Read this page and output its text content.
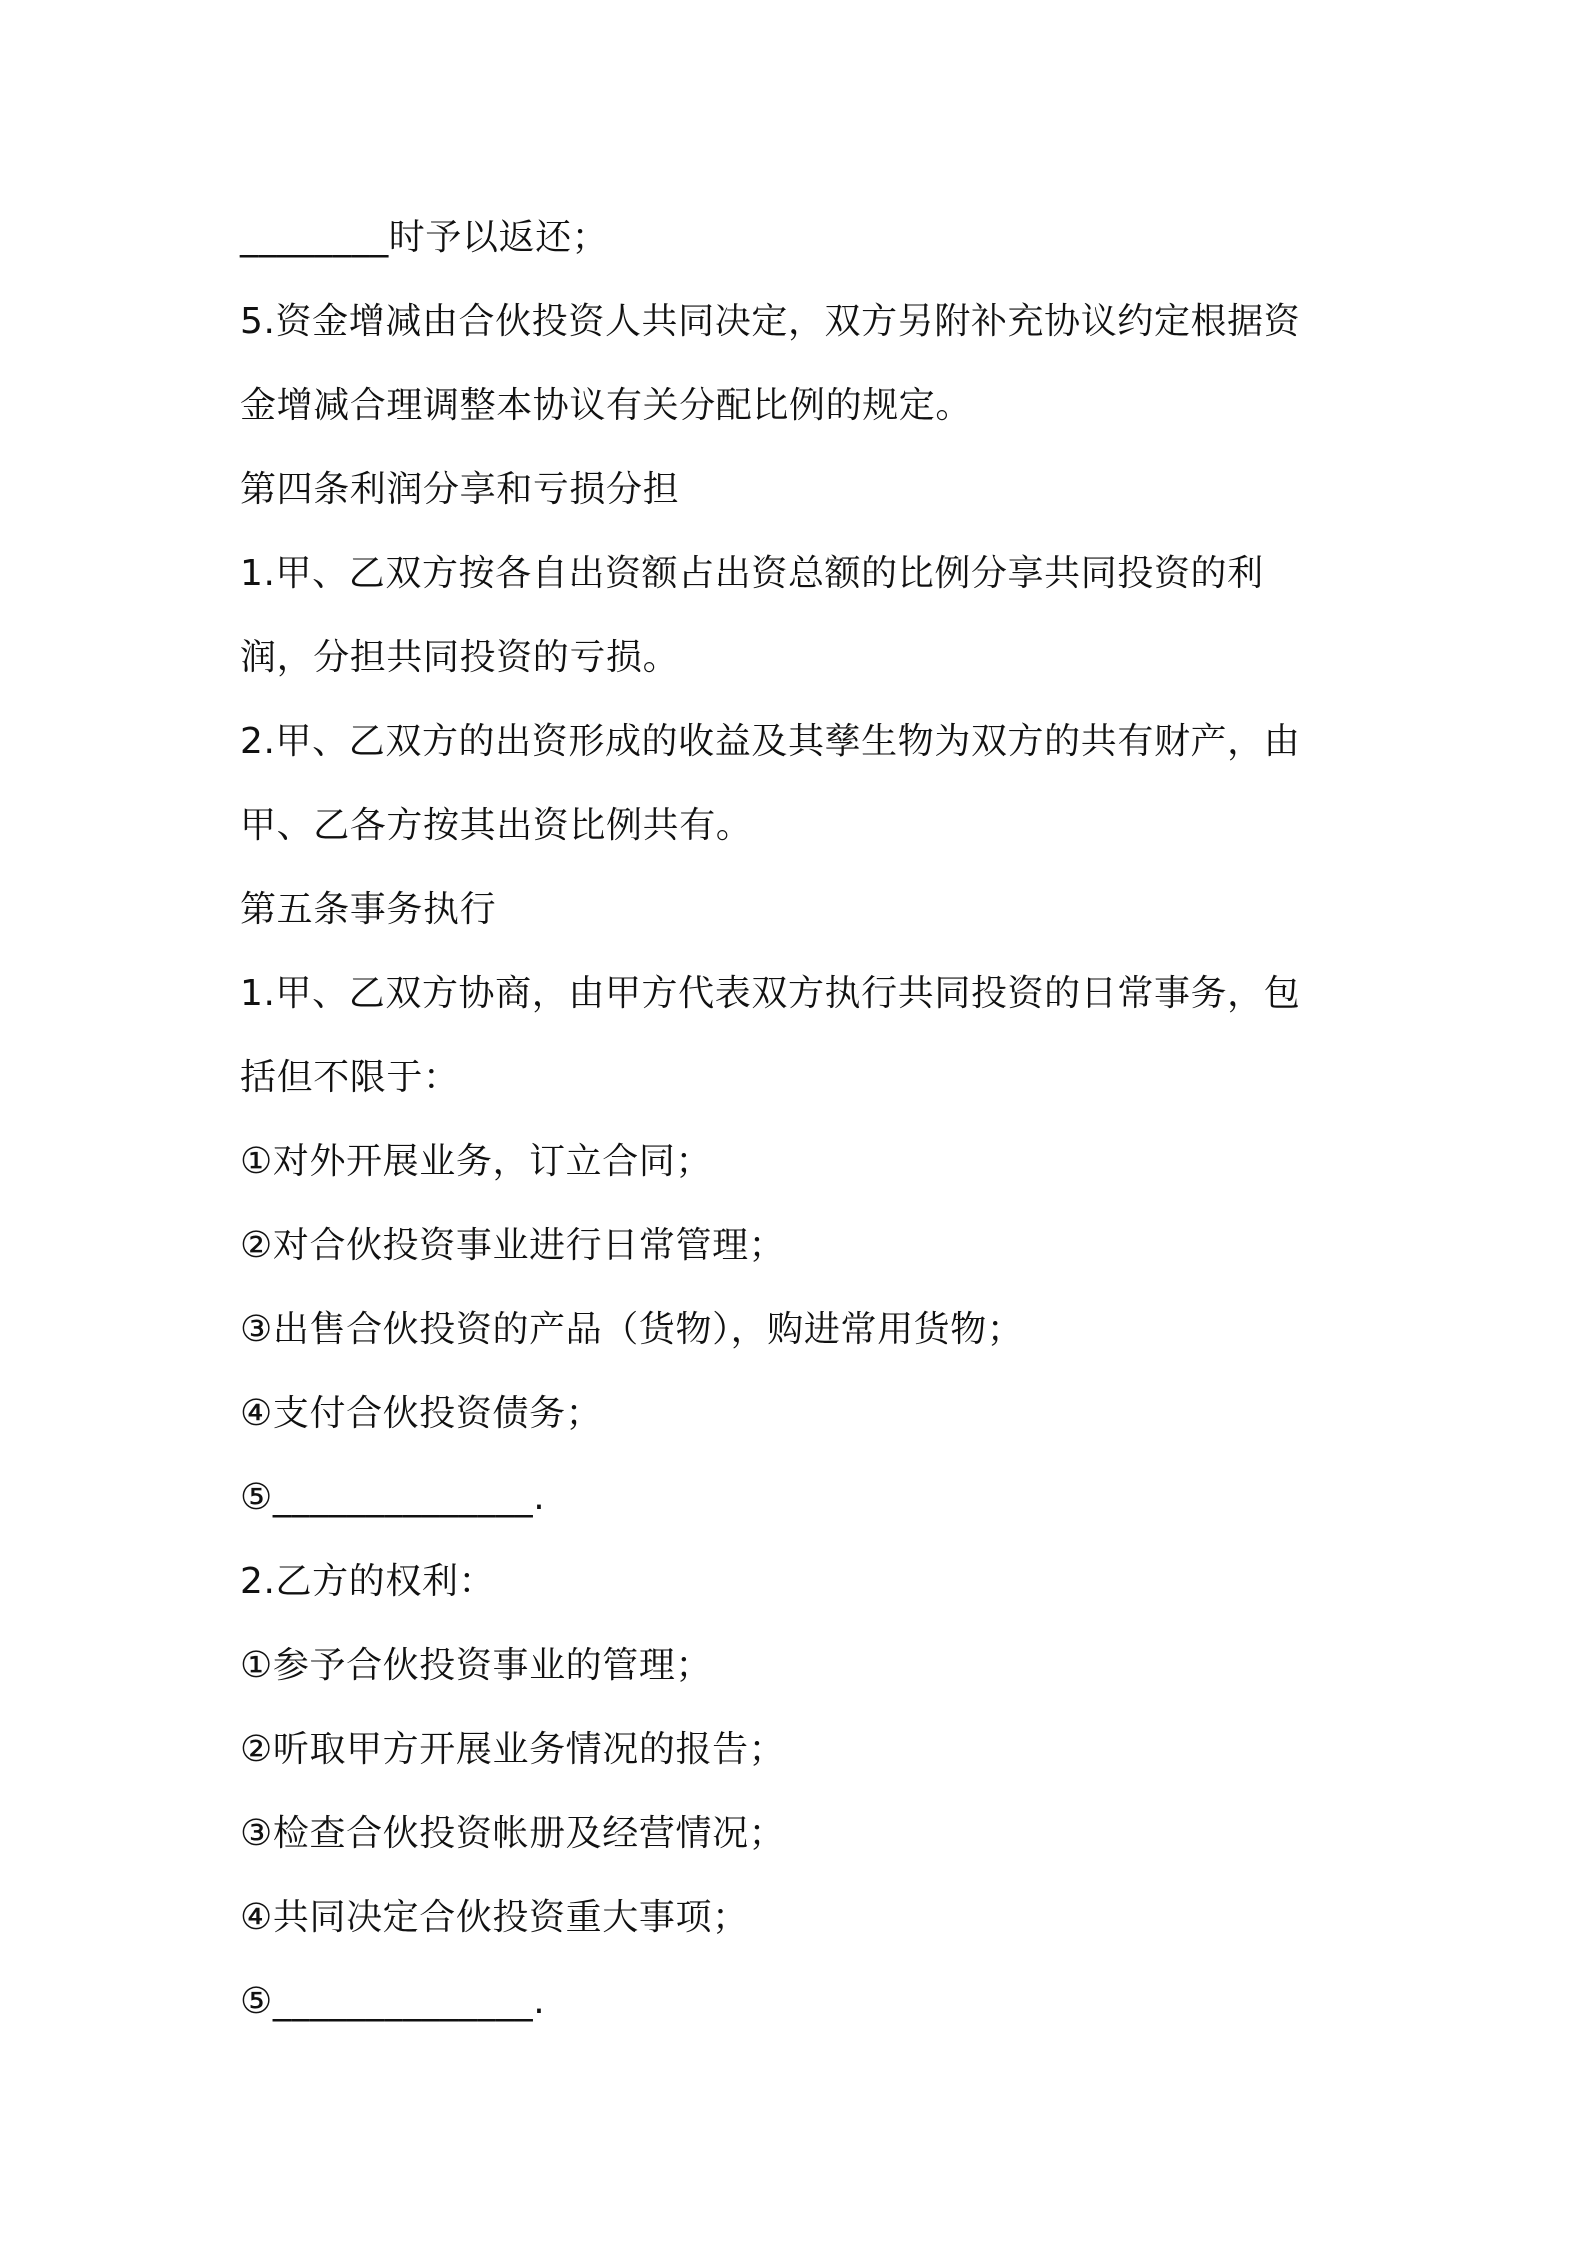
________时予以返还；
5.资金增减由合伙投资人共同决定，双方另附补充协议约定根据资
金增减合理调整本协议有关分配比例的规定。
第四条利润分享和亏损分担
1.甲、乙双方按各自出资额占出资总额的比例分享共同投资的利
润，分担共同投资的亏损。
2.甲、乙双方的出资形成的收益及其孳生物为双方的共有财产，由
甲、乙各方按其出资比例共有。
第五条事务执行
1.甲、乙双方协商，由甲方代表双方执行共同投资的日常事务，包
括但不限于：
①对外开展业务，订立合同；
②对合伙投资事业进行日常管理；
③出售合伙投资的产品（货物），购进常用货物；
④支付合伙投资债务；
⑤______________.
2.乙方的权利：
①参予合伙投资事业的管理；
②听取甲方开展业务情况的报告；
③检查合伙投资帐册及经营情况；
④共同决定合伙投资重大事项；
⑤______________.
